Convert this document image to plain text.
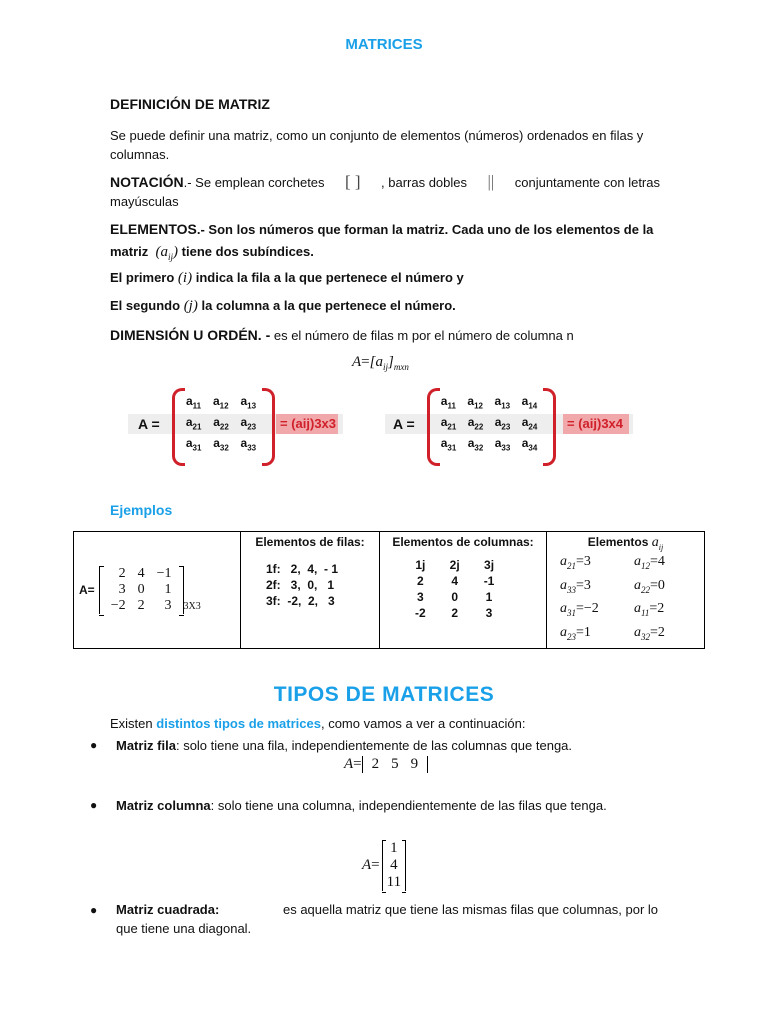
MATRICES
DEFINICIÓN DE MATRIZ
Se puede definir una matriz, como un conjunto de elementos (números) ordenados en filas y
columnas.
NOTACIÓN.- Se emplean corchetes [ ] , barras dobles || conjuntamente con letras
mayúsculas
ELEMENTOS.- Son los números que forman la matriz. Cada uno de los elementos de la
matriz $(a_{ij})$ tiene dos subíndices.
El primero (i) indica la fila a la que pertenece el número y
El segundo (j) la columna a la que pertenece el número.
DIMENSIÓN U ORDÉN. - es el número de filas m por el número de columna n
$A=[a_{ij}]_{mxn}$
A =
$a_{11}$ $a_{12}$ $a_{13}$
$a_{21}$ $a_{22}$ $a_{23}$
$a_{31}$ $a_{32}$ $a_{33}$
= (aij)3x3	A =
$a_{11}$ $a_{12}$ $a_{13}$ $a_{14}$
$a_{21}$ $a_{22}$ $a_{23}$ $a_{24}$
$a_{31}$ $a_{32}$ $a_{33}$ $a_{34}$
= (aij)3x4
Ejemplos
A=
2	4	−1
3	0	1
−2	2	3 3X3

Elementos de filas:
1f:   2,  4,  - 1
2f:   3,  0,   1
3f:  -2,  2,   3

Elementos de columnas:
1j	2j	3j
2	4	-1
3	0	1
-2	2	3

Elementos $a_{ij}$
$a_{21}=3$	$a_{12}=4$
$a_{33}=3$	$a_{22}=0$
$a_{31}=-2$	$a_{11}=2$
$a_{23}=1$	$a_{32}=2$
TIPOS DE MATRICES
Existen distintos tipos de matrices, como vamos a ver a continuación:
● Matriz fila: solo tiene una fila, independientemente de las columnas que tenga.
A= 2 5 9
● Matriz columna: solo tiene una columna, independientemente de las filas que tenga.
A =
1
4
11
● Matriz cuadrada:	es aquella matriz que tiene las mismas filas que columnas, por lo
que tiene una diagonal.
